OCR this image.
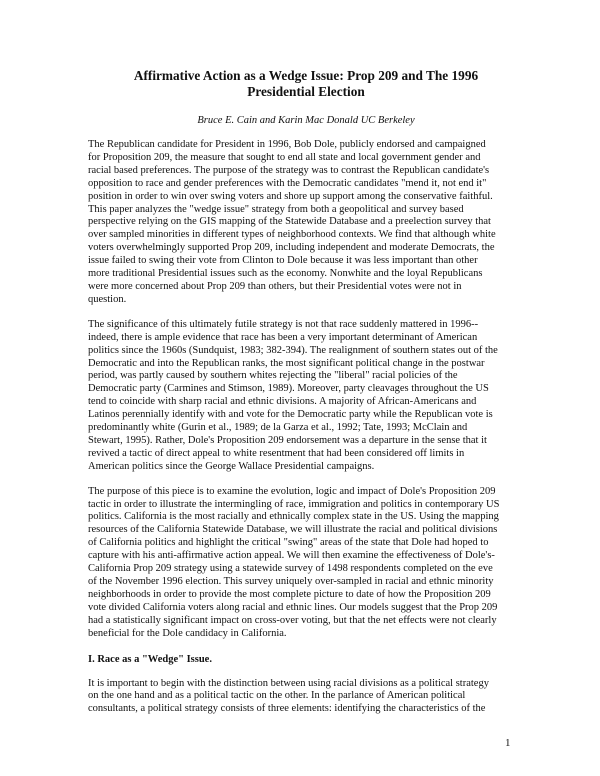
Affirmative Action as a Wedge Issue: Prop 209 and The 1996
Presidential Election
Bruce E. Cain and Karin Mac Donald UC Berkeley

The Republican candidate for President in 1996, Bob Dole, publicly endorsed and campaigned
for Proposition 209, the measure that sought to end all state and local government gender and
racial based preferences. The purpose of the strategy was to contrast the Republican candidate's
opposition to race and gender preferences with the Democratic candidates "mend it, not end it"
position in order to win over swing voters and shore up support among the conservative faithful.
This paper analyzes the "wedge issue" strategy from both a geopolitical and survey based
perspective relying on the GIS mapping of the Statewide Database and a preelection survey that
over sampled minorities in different types of neighborhood contexts. We find that although white
voters overwhelmingly supported Prop 209, including independent and moderate Democrats, the
issue failed to swing their vote from Clinton to Dole because it was less important than other
more traditional Presidential issues such as the economy. Nonwhite and the loyal Republicans
were more concerned about Prop 209 than others, but their Presidential votes were not in
question.

The significance of this ultimately futile strategy is not that race suddenly mattered in 1996--
indeed, there is ample evidence that race has been a very important determinant of American
politics since the 1960s (Sundquist, 1983; 382-394). The realignment of southern states out of the
Democratic and into the Republican ranks, the most significant political change in the postwar
period, was partly caused by southern whites rejecting the "liberal" racial policies of the
Democratic party (Carmines and Stimson, 1989). Moreover, party cleavages throughout the US
tend to coincide with sharp racial and ethnic divisions. A majority of African-Americans and
Latinos perennially identify with and vote for the Democratic party while the Republican vote is
predominantly white (Gurin et al., 1989; de la Garza et al., 1992; Tate, 1993; McClain and
Stewart, 1995). Rather, Dole's Proposition 209 endorsement was a departure in the sense that it
revived a tactic of direct appeal to white resentment that had been considered off limits in
American politics since the George Wallace Presidential campaigns.

The purpose of this piece is to examine the evolution, logic and impact of Dole's Proposition 209
tactic in order to illustrate the intermingling of race, immigration and politics in contemporary US
politics. California is the most racially and ethnically complex state in the US. Using the mapping
resources of the California Statewide Database, we will illustrate the racial and political divisions
of California politics and highlight the critical "swing" areas of the state that Dole had hoped to
capture with his anti-affirmative action appeal. We will then examine the effectiveness of Dole's-
California Prop 209 strategy using a statewide survey of 1498 respondents completed on the eve
of the November 1996 election. This survey uniquely over-sampled in racial and ethnic minority
neighborhoods in order to provide the most complete picture to date of how the Proposition 209
vote divided California voters along racial and ethnic lines. Our models suggest that the Prop 209
had a statistically significant impact on cross-over voting, but that the net effects were not clearly
beneficial for the Dole candidacy in California.

I. Race as a "Wedge" Issue.

It is important to begin with the distinction between using racial divisions as a political strategy
on the one hand and as a political tactic on the other. In the parlance of American political
consultants, a political strategy consists of three elements: identifying the characteristics of the

1
